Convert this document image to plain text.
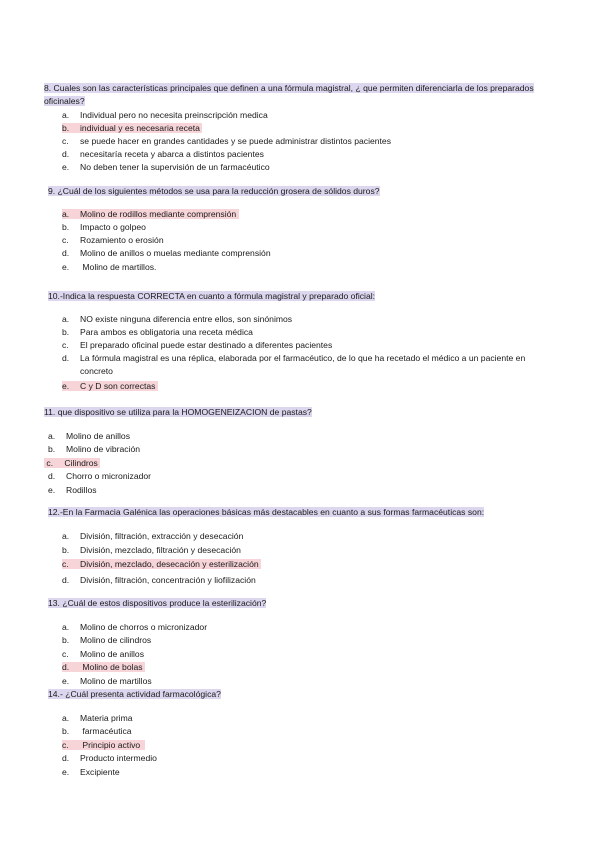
8. Cuales son las características principales que definen a una fórmula magistral, ¿ que permiten diferenciarla de los preparados oficinales?
a. Individual pero no necesita preinscripción medica
b. individual y es necesaria receta
c. se puede hacer en grandes cantidades y se puede administrar distintos pacientes
d. necesitaría receta y abarca a distintos pacientes
e. No deben tener la supervisión de un farmacéutico
9. ¿Cuál de los siguientes métodos se usa para la reducción grosera de sólidos duros?
a. Molino de rodillos mediante comprensión
b. Impacto o golpeo
c. Rozamiento o erosión
d. Molino de anillos o muelas mediante comprensión
e. Molino de martillos.
10.-Indica la respuesta CORRECTA en cuanto a fórmula magistral y preparado oficial:
a. NO existe ninguna diferencia entre ellos, son sinónimos
b. Para ambos es obligatoria una receta médica
c. El preparado oficinal puede estar destinado a diferentes pacientes
d. La fórmula magistral es una réplica, elaborada por el farmacéutico, de lo que ha recetado el médico a un paciente en concreto
e. C y D son correctas
11. que dispositivo se utiliza para la HOMOGENEIZACION de pastas?
a. Molino de anillos
b. Molino de vibración
c. Cilindros
d. Chorro o micronizador
e. Rodillos
12.-En la Farmacia Galénica las operaciones básicas más destacables en cuanto a sus formas farmacéuticas son:
a. División, filtración, extracción y desecación
b. División, mezclado, filtración y desecación
c. División, mezclado, desecación y esterilización
d. División, filtración, concentración y liofilización
13. ¿Cuál de estos dispositivos produce la esterilización?
a. Molino de chorros o micronizador
b. Molino de cilindros
c. Molino de anillos
d. Molino de bolas
e. Molino de martillos
14.- ¿Cuál presenta actividad farmacológica?
a. Materia prima
b. farmacéutica
c. Principio activo
d. Producto intermedio
e. Excipiente
